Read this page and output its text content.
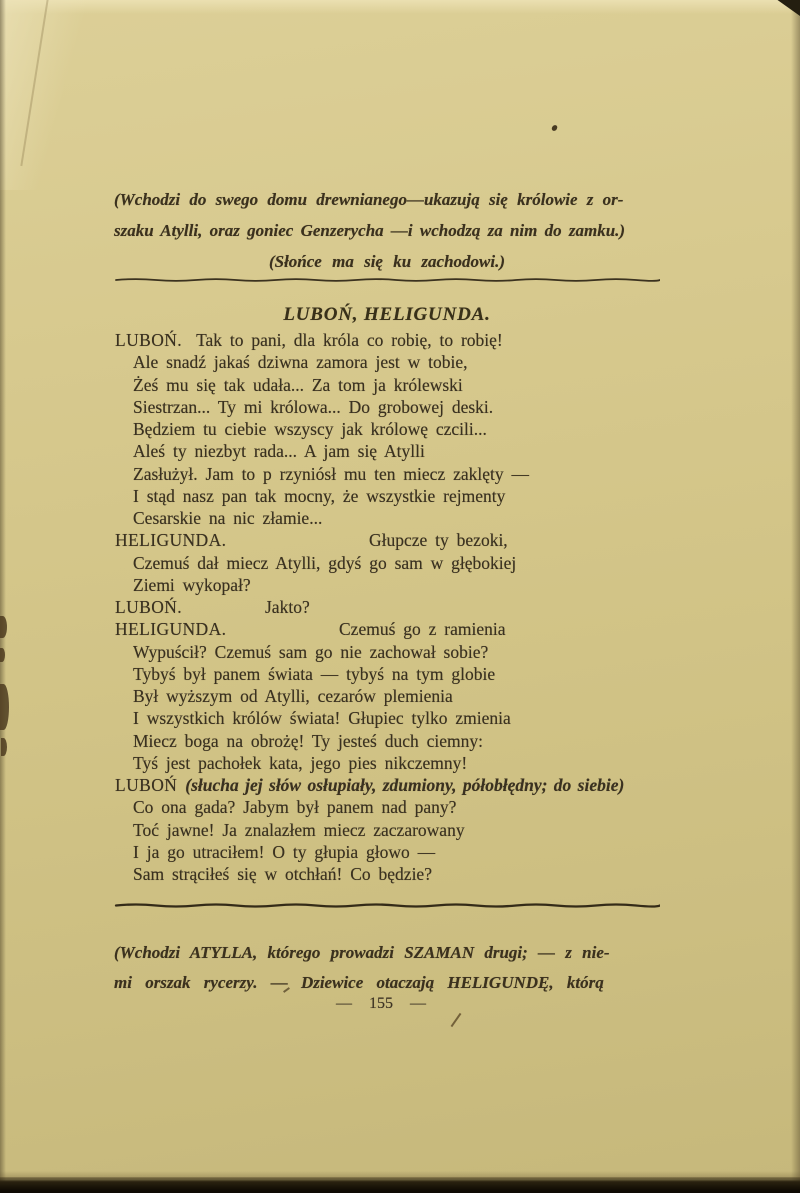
(Wchodzi do swego domu drewnianego—ukazują się królowie z or-
szaku Atylli, oraz goniec Genzerycha —i wchodzą za nim do zamku.)
(Słońce ma się ku zachodowi.)
LUBOŃ, HELIGUNDA.
LUBOŃ. Tak to pani, dla króla co robię, to robię!
Ale snadź jakaś dziwna zamora jest w tobie,
Żeś mu się tak udała... Za tom ja królewski
Siestrzan... Ty mi królowa... Do grobowej deski.
Będziem tu ciebie wszyscy jak królowę czcili...
Aleś ty niezbyt rada... A jam się Atylli
Zasłużył. Jam to p rzyniósł mu ten miecz zaklęty —
I stąd nasz pan tak mocny, że wszystkie rejmenty
Cesarskie na nic złamie...
HELIGUNDA.	Głupcze ty bezoki,
Czemuś dał miecz Atylli, gdyś go sam w głębokiej
Ziemi wykopał?
LUBOŃ.	Jakto?
HELIGUNDA.	Czemuś go z ramienia
Wypuścił? Czemuś sam go nie zachował sobie?
Tybyś był panem świata — tybyś na tym globie
Był wyższym od Atylli, cezarów plemienia
I wszystkich królów świata! Głupiec tylko zmienia
Miecz boga na obrożę! Ty jesteś duch ciemny:
Tyś jest pachołek kata, jego pies nikczemny!
LUBOŃ (słucha jej słów osłupiały, zdumiony, półobłędny; do siebie)
Co ona gada? Jabym był panem nad pany?
Toć jawne! Ja znalazłem miecz zaczarowany
I ja go utraciłem! O ty głupia głowo —
Sam strąciłeś się w otchłań! Co będzie?
(Wchodzi ATYLLA, którego prowadzi SZAMAN drugi; — z nie-
mi orszak rycerzy. — Dziewice otaczają HELIGUNDĘ, którą
— 155 —
